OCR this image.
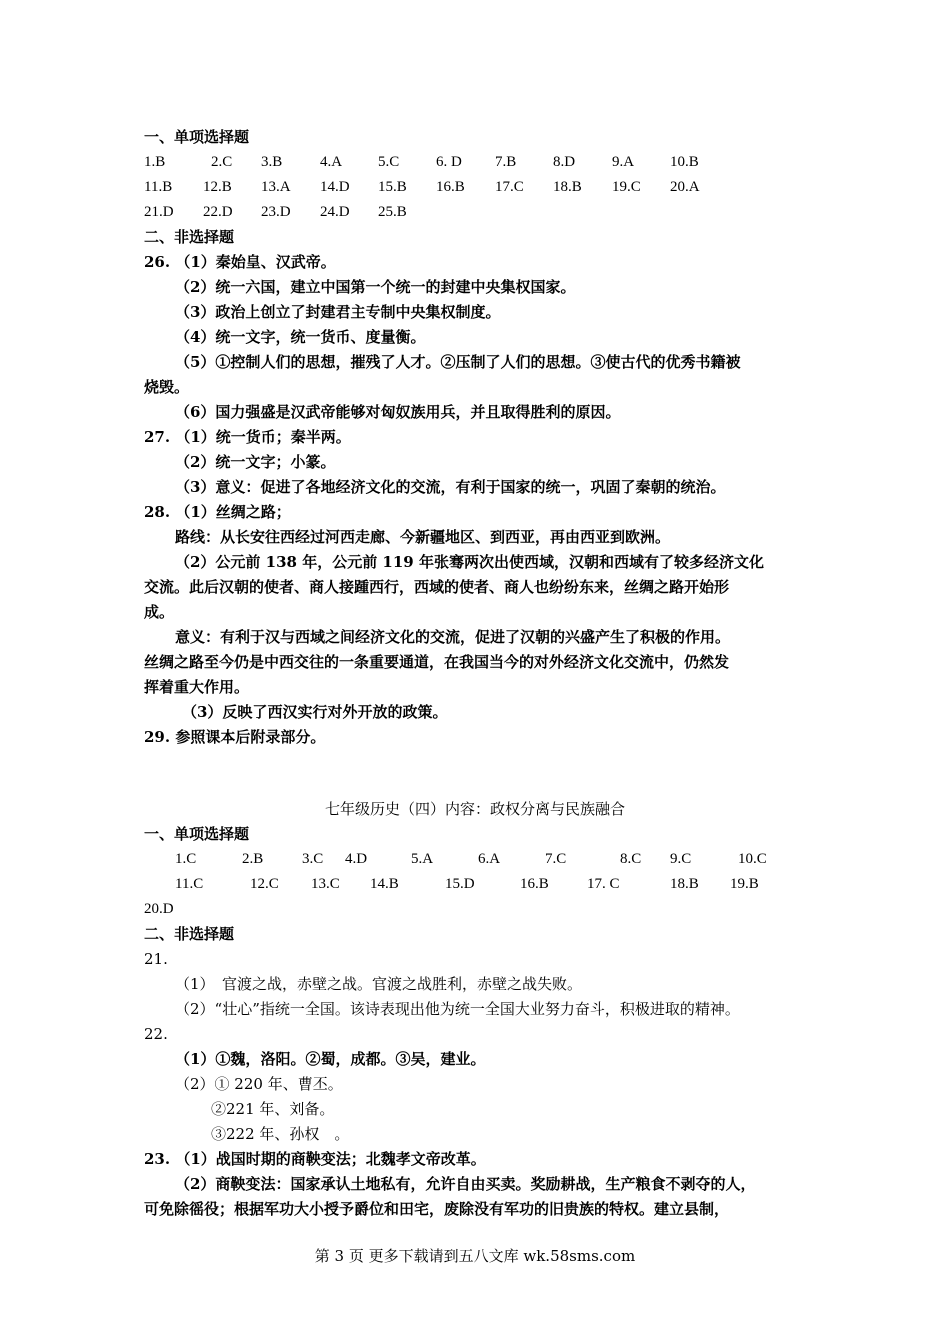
一、单项选择题
1.B	2.C 3.B	4.A 5.C 6. D 7.B 8.D 9.A 10.B
11.B 12.B 13.A 14.D 15.B 16.B 17.C 18.B 19.C 20.A
21.D 22.D 23.D 24.D 25.B
二、非选择题
26. （1）秦始皇、汉武帝。
（2）统一六国，建立中国第一个统一的封建中央集权国家。
（3）政治上创立了封建君主专制中央集权制度。
（4）统一文字，统一货币、度量衡。
（5）①控制人们的思想，摧残了人才。②压制了人们的思想。③使古代的优秀书籍被
烧毁。
（6）国力强盛是汉武帝能够对匈奴族用兵，并且取得胜利的原因。
27. （1）统一货币；秦半两。
（2）统一文字；小篆。
（3）意义：促进了各地经济文化的交流，有利于国家的统一，巩固了秦朝的统治。
28. （1）丝绸之路；
路线：从长安往西经过河西走廊、今新疆地区、到西亚，再由西亚到欧洲。
（2）公元前 138 年，公元前 119 年张骞两次出使西域，汉朝和西域有了较多经济文化
交流。此后汉朝的使者、商人接踵西行，西域的使者、商人也纷纷东来，丝绸之路开始形
成。
意义：有利于汉与西域之间经济文化的交流，促进了汉朝的兴盛产生了积极的作用。
丝绸之路至今仍是中西交往的一条重要通道，在我国当今的对外经济文化交流中，仍然发
挥着重大作用。
（3）反映了西汉实行对外开放的政策。
29. 参照课本后附录部分。
七年级历史（四）内容：政权分离与民族融合
一、单项选择题
1.C	2.B	3.C 4.D	5.A	6.A	7.C	8.C 9.C	10.C
11.C	12.C 13.C 14.B	15.D	16.B	17. C	18.B 19.B
20.D
二、非选择题
21.
（1）　官渡之战，赤壁之战。官渡之战胜利，赤壁之战失败。
（2）“壮心”指统一全国。该诗表现出他为统一全国大业努力奋斗，积极进取的精神。
22.
（1）①魏，洛阳。②蜀，成都。③吴，建业。
（2）① 220 年、曹丕。
②221 年、刘备。
③222 年、孙权　。
23. （1）战国时期的商鞅变法；北魏孝文帝改革。
（2）商鞅变法：国家承认土地私有，允许自由买卖。奖励耕战，生产粮食不剥夺的人，
可免除徭役；根据军功大小授予爵位和田宅，废除没有军功的旧贵族的特权。建立县制，
第 3 页 更多下载请到五八文库 wk.58sms.com
